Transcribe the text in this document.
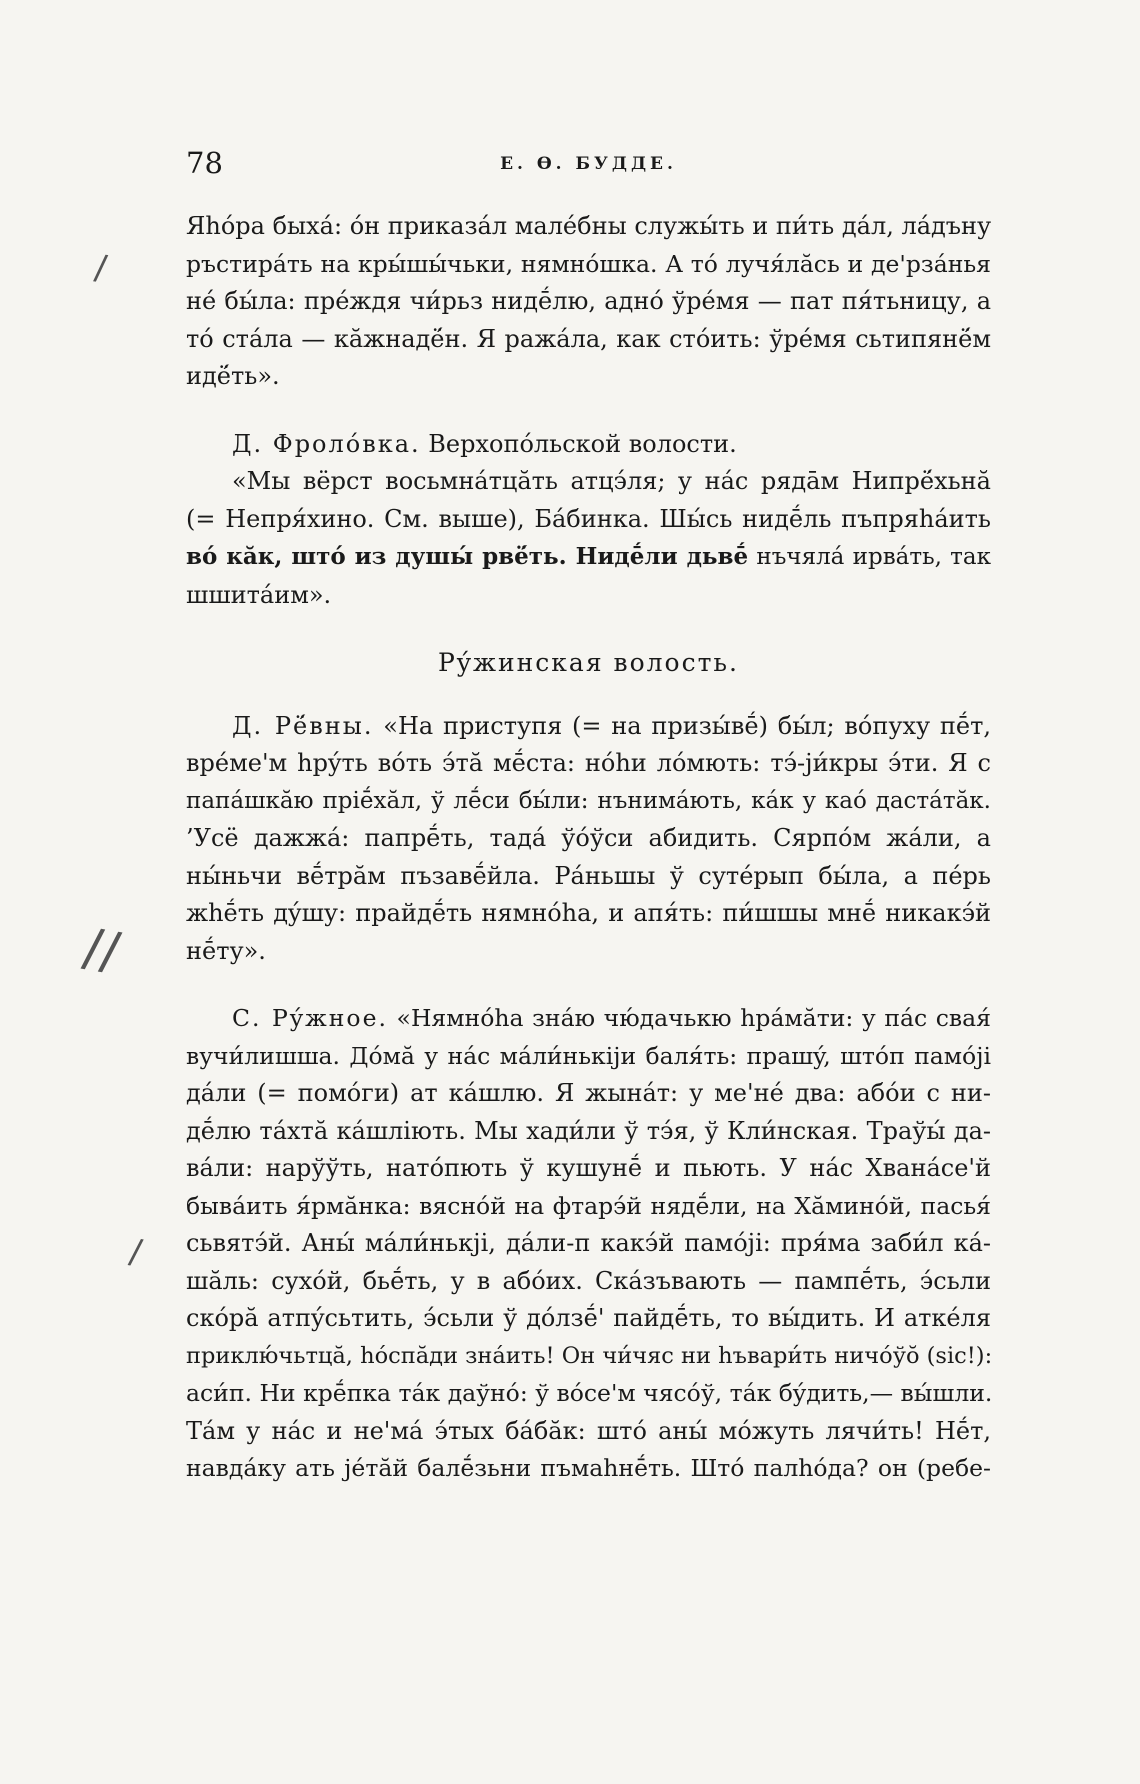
78	Е. Ѳ. БУДДЕ.
/
//
/
Яhóра быхá: óн приказáл малéбны служы́ть и пи́ть дáл, лáдъну
ръстирáть на кры́шы́чьки, нямнóшка. А тó лучя́лăсь и де'рзáнья
нé бы́ла: прéждя чи́рьз нидḗлю, аднó ўрéмя — пат пя́тьницу, а
тó стáла — кăжнадё́н. Я ражáла, как стóить: ўрéмя сьтипянё́м
идё́ть».
Д. Фролóвка. Верхопóльской волости.
«Мы вёрст восьмнáтцăть атцэ́ля; у нáс рядāм Нипрё́хьнă
(= Непря́хино. См. выше), Бáбинка. Шы́сь нидḗль пъпряhа́ить
вó кăк, штó из душы́ рвё́ть. Нидḗли дьвḗ нъчялá ирвáть, так
шшитáим».
Рýжинская волость.
Д. Рё́вны. «На приступя (= на призы́вḗ) бы́л; вóпуху пḗт,
врéме'м hрýть вóть э́тă мḗста: нóhи лóмють: тэ́-jи́кры э́ти. Я с
папáшкăю прiḗхăл, ў лḗси бы́ли: нънимáють, кáк у каó дастáтăк.
’Усё дажжá: папрḗть, тадá ўóўси абидить. Сярпóм жáли, а
ны́ньчи вḗтрăм пъзавḗйла. Рáньшы ў сутéрып бы́ла, а пéрь
жhḗть дýшу: прайдḗть нямнóhа, и апя́ть: пи́шшы мнḗ никакэ́й
нḗту».
С. Рýжное. «Нямнóhа знáю чю́дачькю hрáмăти: у пáс свая́
вучи́лишша. Дóмă у нáс мáли́нькiји баля́ть: прашý, штóп памóјi
дáли (= помóги) ат кáшлю. Я жынáт: у ме'нé два: абóи с ни-
дḗлю тáхтă кáшлiють. Мы хади́ли ў тэ́я, ў Кли́нская. Траўы́ да-
вáли: нарўўть, натóпють ў кушунḗ и пьють. У нáс Хванáсе'й
бывáить я́рмăнка: вяснóй на фтарэ́й нядḗли, на Хăминóй, пасья́
сьвятэ́й. Аны́ мáли́нькјi, дáли-п какэ́й памóјi: пря́ма заби́л кá-
шăль: сухóй, бьḗть, у в абóих. Скáзъвають — пампḗть, э́сьли
скóрă атпýсьтить, э́сьли ў дóлзḗ' пайдḗть, то вы́дить. И аткéля
приклю́чьтцă, hóспăди знáить! Он чи́чяс ни hъвари́ть ничóўŏ (sic!):
аси́п. Ни крḗпка тáк даўнó: ў вóсе'м чясóў, тáк бýдить,— вы́шли.
Тáм у нáс и не'мá э́тых бáбăк: штó аны́ мóжуть лячи́ть! Нḗт,
навдáку ать jéтăй балḗзьни пъмаhнḗть. Штó палhóда? он (ребе-
